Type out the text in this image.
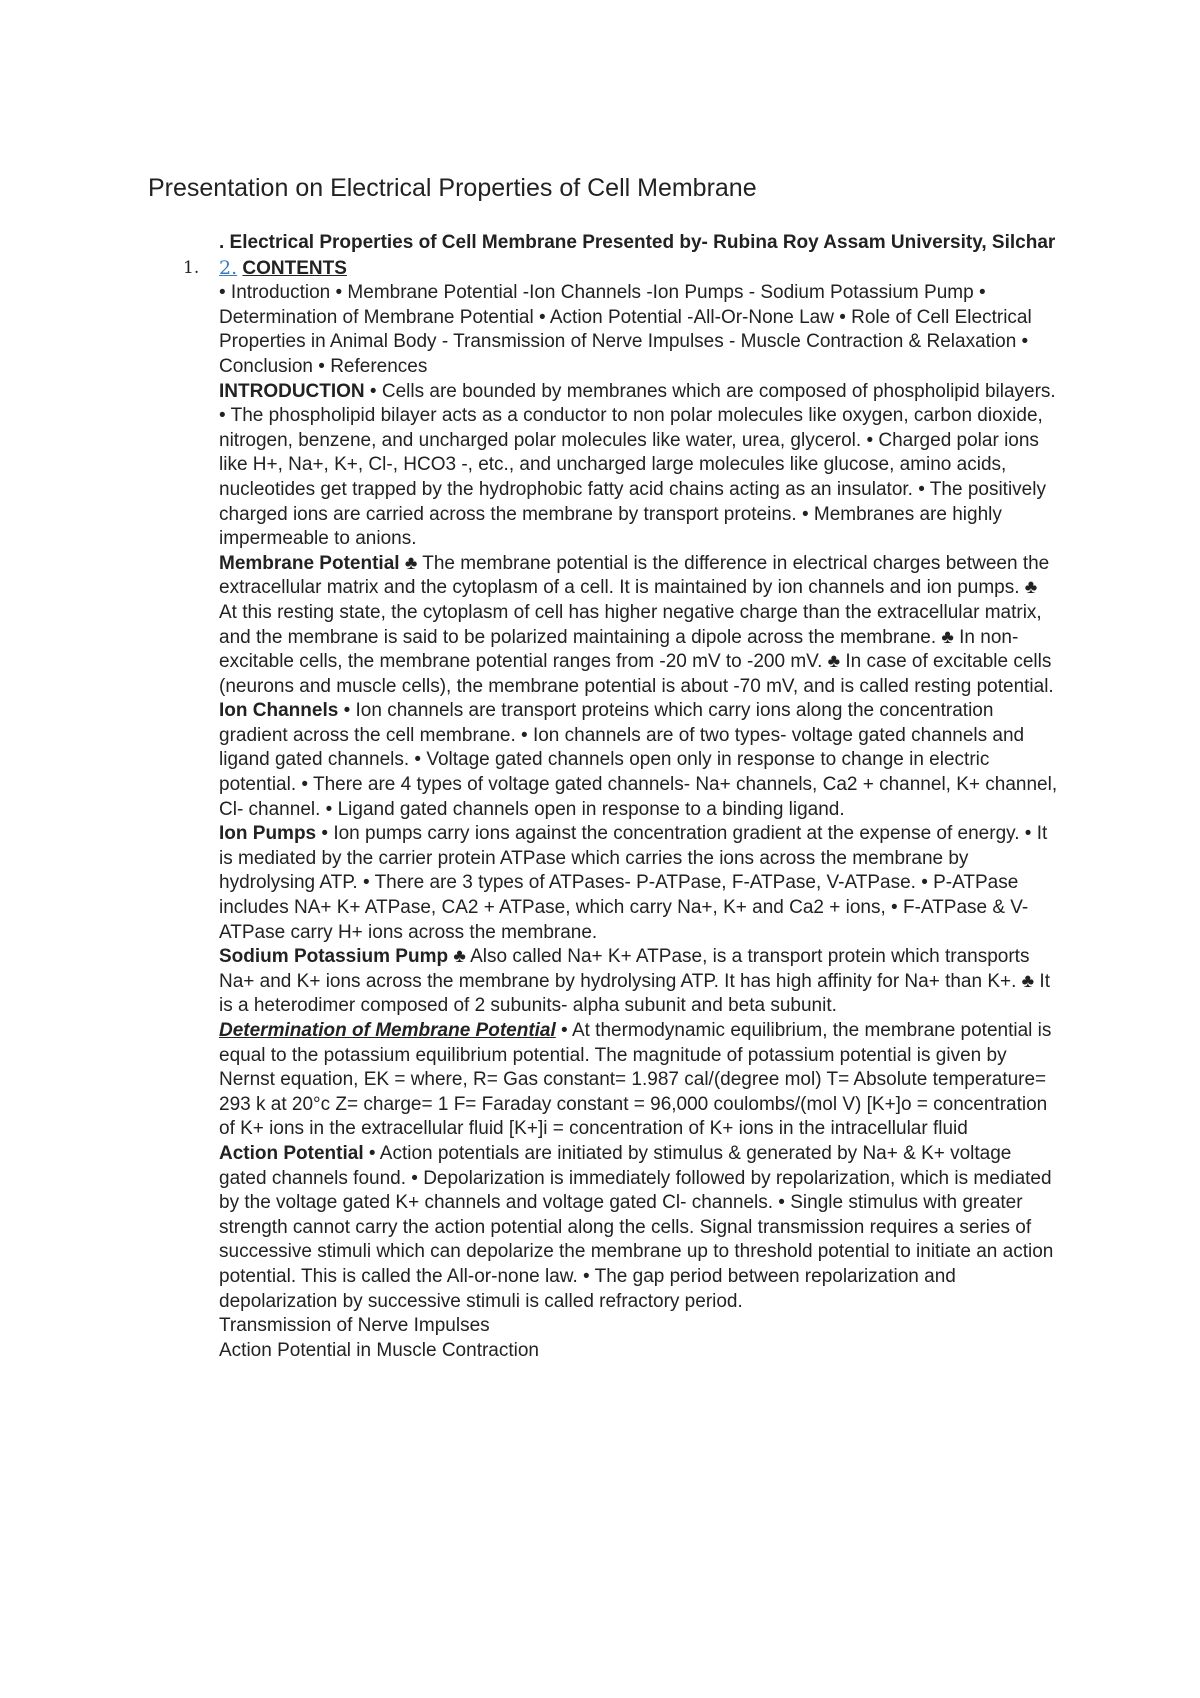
Presentation on Electrical Properties of Cell Membrane

. Electrical Properties of Cell Membrane Presented by- Rubina Roy Assam University, Silchar

1. 2. CONTENTS

• Introduction • Membrane Potential -Ion Channels -Ion Pumps - Sodium Potassium Pump • Determination of Membrane Potential • Action Potential -All-Or-None Law • Role of Cell Electrical Properties in Animal Body - Transmission of Nerve Impulses - Muscle Contraction & Relaxation • Conclusion • References

INTRODUCTION • Cells are bounded by membranes which are composed of phospholipid bilayers. • The phospholipid bilayer acts as a conductor to non polar molecules like oxygen, carbon dioxide, nitrogen, benzene, and uncharged polar molecules like water, urea, glycerol. • Charged polar ions like H+, Na+, K+, Cl-, HCO3 -, etc., and uncharged large molecules like glucose, amino acids, nucleotides get trapped by the hydrophobic fatty acid chains acting as an insulator. • The positively charged ions are carried across the membrane by transport proteins. • Membranes are highly impermeable to anions.

Membrane Potential ♣ The membrane potential is the difference in electrical charges between the extracellular matrix and the cytoplasm of a cell. It is maintained by ion channels and ion pumps. ♣ At this resting state, the cytoplasm of cell has higher negative charge than the extracellular matrix, and the membrane is said to be polarized maintaining a dipole across the membrane. ♣ In non-excitable cells, the membrane potential ranges from -20 mV to -200 mV. ♣ In case of excitable cells (neurons and muscle cells), the membrane potential is about -70 mV, and is called resting potential.

Ion Channels • Ion channels are transport proteins which carry ions along the concentration gradient across the cell membrane. • Ion channels are of two types- voltage gated channels and ligand gated channels. • Voltage gated channels open only in response to change in electric potential. • There are 4 types of voltage gated channels- Na+ channels, Ca2 + channel, K+ channel, Cl- channel. • Ligand gated channels open in response to a binding ligand.

Ion Pumps • Ion pumps carry ions against the concentration gradient at the expense of energy. • It is mediated by the carrier protein ATPase which carries the ions across the membrane by hydrolysing ATP. • There are 3 types of ATPases- P-ATPase, F-ATPase, V-ATPase. • P-ATPase includes NA+ K+ ATPase, CA2 + ATPase, which carry Na+, K+ and Ca2 + ions, • F-ATPase & V-ATPase carry H+ ions across the membrane.

Sodium Potassium Pump ♣ Also called Na+ K+ ATPase, is a transport protein which transports Na+ and K+ ions across the membrane by hydrolysing ATP. It has high affinity for Na+ than K+. ♣ It is a heterodimer composed of 2 subunits- alpha subunit and beta subunit.

Determination of Membrane Potential • At thermodynamic equilibrium, the membrane potential is equal to the potassium equilibrium potential. The magnitude of potassium potential is given by Nernst equation, EK = where, R= Gas constant= 1.987 cal/(degree mol) T= Absolute temperature= 293 k at 20°c Z= charge= 1 F= Faraday constant = 96,000 coulombs/(mol V) [K+]o = concentration of K+ ions in the extracellular fluid [K+]i = concentration of K+ ions in the intracellular fluid

Action Potential • Action potentials are initiated by stimulus & generated by Na+ & K+ voltage gated channels found. • Depolarization is immediately followed by repolarization, which is mediated by the voltage gated K+ channels and voltage gated Cl- channels. • Single stimulus with greater strength cannot carry the action potential along the cells. Signal transmission requires a series of successive stimuli which can depolarize the membrane up to threshold potential to initiate an action potential. This is called the All-or-none law. • The gap period between repolarization and depolarization by successive stimuli is called refractory period.

Transmission of Nerve Impulses

Action Potential in Muscle Contraction
